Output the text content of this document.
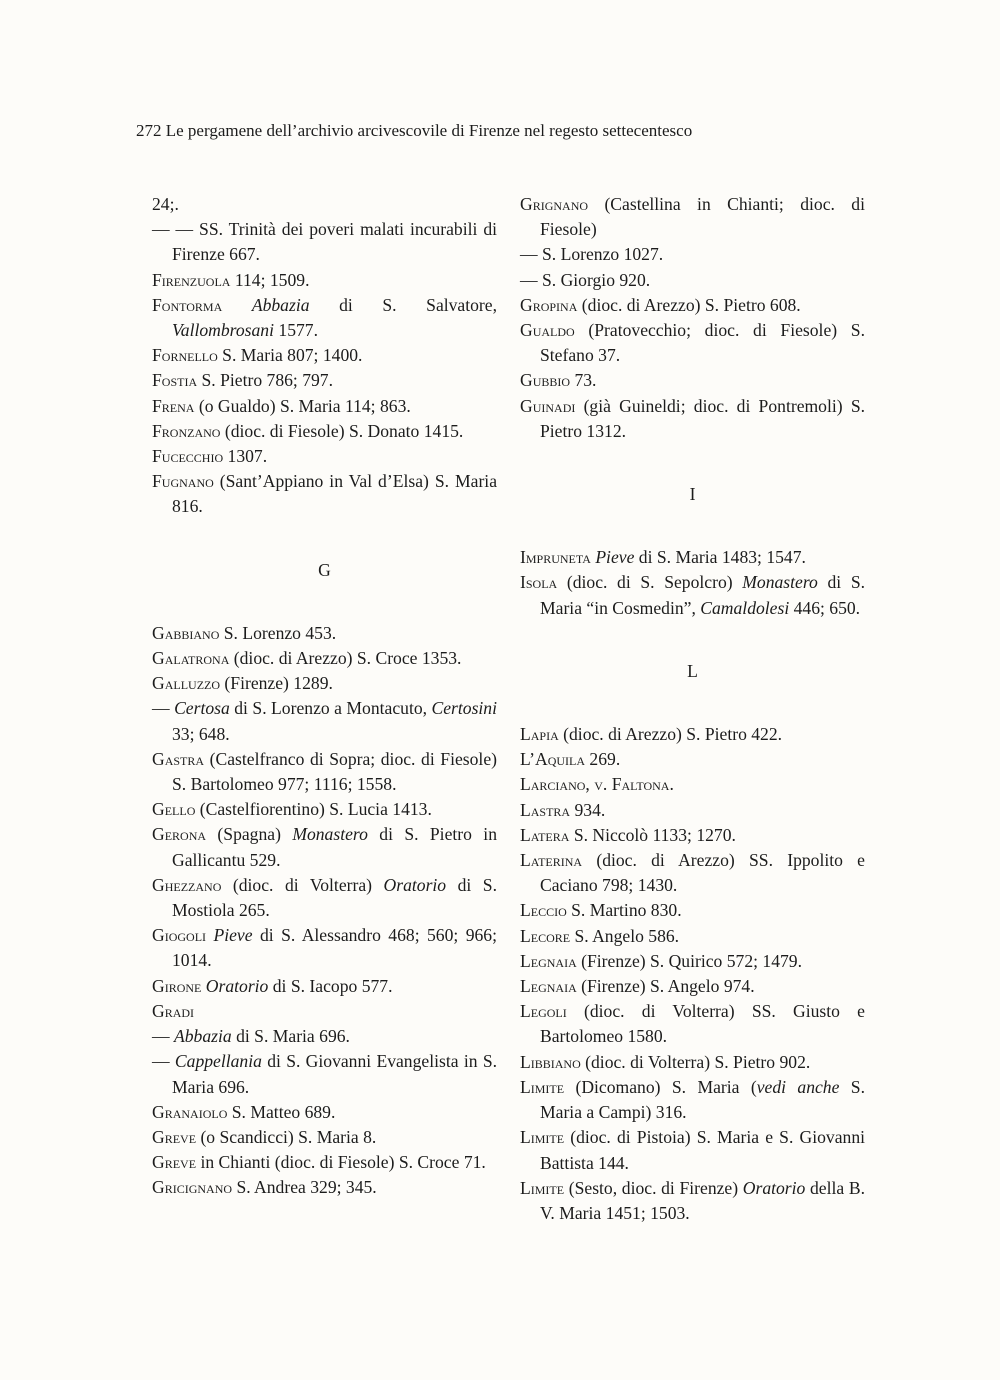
272 Le pergamene dell’archivio arcivescovile di Firenze nel regesto settecentesco

24;.

— — SS. Trinità dei poveri malati incurabili di Firenze 667.

Firenzuola 114; 1509.

Fontorma Abbazia di S. Salvatore, Vallombrosani 1577.

Fornello S. Maria 807; 1400.

Fostia S. Pietro 786; 797.

Frena (o Gualdo) S. Maria 114; 863.

Fronzano (dioc. di Fiesole) S. Donato 1415.

Fucecchio 1307.

Fugnano (Sant’Appiano in Val d’Elsa) S. Maria 816.

G

Gabbiano S. Lorenzo 453.

Galatrona (dioc. di Arezzo) S. Croce 1353.

Galluzzo (Firenze) 1289.

— Certosa di S. Lorenzo a Montacuto, Certosini 33; 648.

Gastra (Castelfranco di Sopra; dioc. di Fiesole) S. Bartolomeo 977; 1116; 1558.

Gello (Castelfiorentino) S. Lucia 1413.

Gerona (Spagna) Monastero di S. Pietro in Gallicantu 529.

Ghezzano (dioc. di Volterra) Oratorio di S. Mostiola 265.

Giogoli Pieve di S. Alessandro 468; 560; 966; 1014.

Girone Oratorio di S. Iacopo 577.

Gradi

— Abbazia di S. Maria 696.

— Cappellania di S. Giovanni Evangelista in S. Maria 696.

Granaiolo S. Matteo 689.

Greve (o Scandicci) S. Maria 8.

Greve in Chianti (dioc. di Fiesole) S. Croce 71.

Gricignano S. Andrea 329; 345.

Grignano (Castellina in Chianti; dioc. di Fiesole)

— S. Lorenzo 1027.

— S. Giorgio 920.

Gropina (dioc. di Arezzo) S. Pietro 608.

Gualdo (Pratovecchio; dioc. di Fiesole) S. Stefano 37.

Gubbio 73.

Guinadi (già Guineldi; dioc. di Pontremoli) S. Pietro 1312.

I

Impruneta Pieve di S. Maria 1483; 1547.

Isola (dioc. di S. Sepolcro) Monastero di S. Maria “in Cosmedin”, Camaldolesi 446; 650.

L

Lapia (dioc. di Arezzo) S. Pietro 422.

L’Aquila 269.

Larciano, v. Faltona.

Lastra 934.

Latera S. Niccolò 1133; 1270.

Laterina (dioc. di Arezzo) SS. Ippolito e Caciano 798; 1430.

Leccio S. Martino 830.

Lecore S. Angelo 586.

Legnaia (Firenze) S. Quirico 572; 1479.

Legnaia (Firenze) S. Angelo 974.

Legoli (dioc. di Volterra) SS. Giusto e Bartolomeo 1580.

Libbiano (dioc. di Volterra) S. Pietro 902.

Limite (Dicomano) S. Maria (vedi anche S. Maria a Campi) 316.

Limite (dioc. di Pistoia) S. Maria e S. Giovanni Battista 144.

Limite (Sesto, dioc. di Firenze) Oratorio della B. V. Maria 1451; 1503.
